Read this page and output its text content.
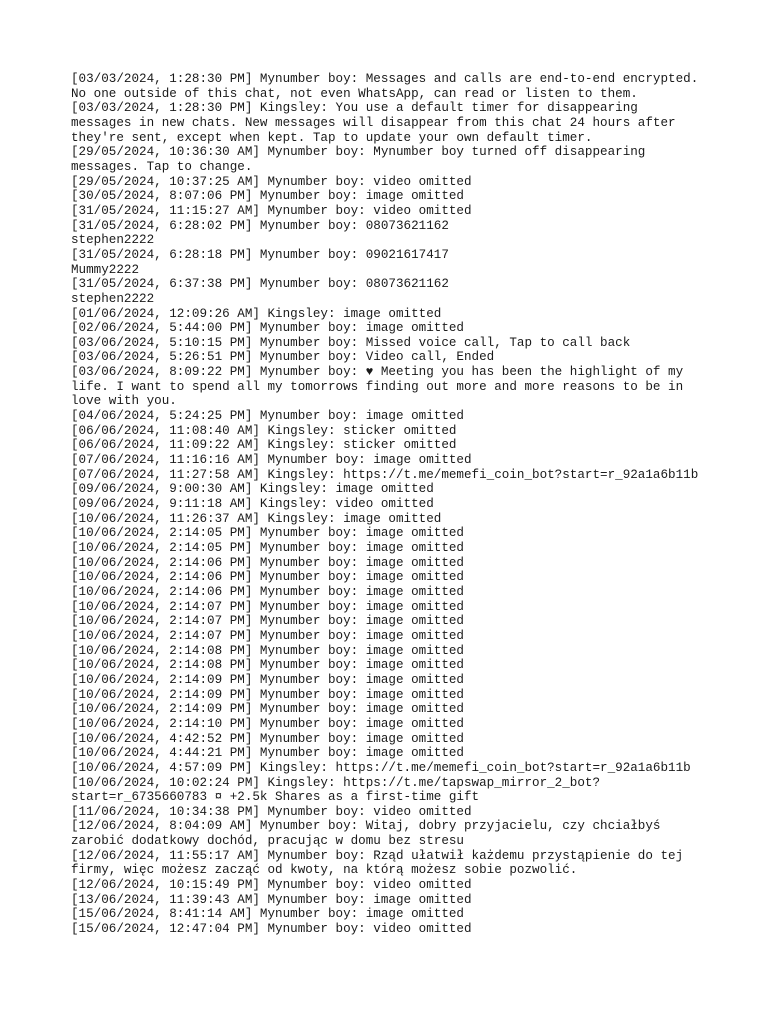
[03/03/2024, 1:28:30 PM] Mynumber boy: Messages and calls are end-to-end encrypted.
No one outside of this chat, not even WhatsApp, can read or listen to them.
[03/03/2024, 1:28:30 PM] Kingsley: You use a default timer for disappearing
messages in new chats. New messages will disappear from this chat 24 hours after
they're sent, except when kept. Tap to update your own default timer.
[29/05/2024, 10:36:30 AM] Mynumber boy: Mynumber boy turned off disappearing
messages. Tap to change.
[29/05/2024, 10:37:25 AM] Mynumber boy: video omitted
[30/05/2024, 8:07:06 PM] Mynumber boy: image omitted
[31/05/2024, 11:15:27 AM] Mynumber boy: video omitted
[31/05/2024, 6:28:02 PM] Mynumber boy: 08073621162
stephen2222
[31/05/2024, 6:28:18 PM] Mynumber boy: 09021617417
Mummy2222
[31/05/2024, 6:37:38 PM] Mynumber boy: 08073621162
stephen2222
[01/06/2024, 12:09:26 AM] Kingsley: image omitted
[02/06/2024, 5:44:00 PM] Mynumber boy: image omitted
[03/06/2024, 5:10:15 PM] Mynumber boy: Missed voice call, Tap to call back
[03/06/2024, 5:26:51 PM] Mynumber boy: Video call, Ended
[03/06/2024, 8:09:22 PM] Mynumber boy: ♥ Meeting you has been the highlight of my
life. I want to spend all my tomorrows finding out more and more reasons to be in
love with you.
[04/06/2024, 5:24:25 PM] Mynumber boy: image omitted
[06/06/2024, 11:08:40 AM] Kingsley: sticker omitted
[06/06/2024, 11:09:22 AM] Kingsley: sticker omitted
[07/06/2024, 11:16:16 AM] Mynumber boy: image omitted
[07/06/2024, 11:27:58 AM] Kingsley: https://t.me/memefi_coin_bot?start=r_92a1a6b11b
[09/06/2024, 9:00:30 AM] Kingsley: image omitted
[09/06/2024, 9:11:18 AM] Kingsley: video omitted
[10/06/2024, 11:26:37 AM] Kingsley: image omitted
[10/06/2024, 2:14:05 PM] Mynumber boy: image omitted
[10/06/2024, 2:14:05 PM] Mynumber boy: image omitted
[10/06/2024, 2:14:06 PM] Mynumber boy: image omitted
[10/06/2024, 2:14:06 PM] Mynumber boy: image omitted
[10/06/2024, 2:14:06 PM] Mynumber boy: image omitted
[10/06/2024, 2:14:07 PM] Mynumber boy: image omitted
[10/06/2024, 2:14:07 PM] Mynumber boy: image omitted
[10/06/2024, 2:14:07 PM] Mynumber boy: image omitted
[10/06/2024, 2:14:08 PM] Mynumber boy: image omitted
[10/06/2024, 2:14:08 PM] Mynumber boy: image omitted
[10/06/2024, 2:14:09 PM] Mynumber boy: image omitted
[10/06/2024, 2:14:09 PM] Mynumber boy: image omitted
[10/06/2024, 2:14:09 PM] Mynumber boy: image omitted
[10/06/2024, 2:14:10 PM] Mynumber boy: image omitted
[10/06/2024, 4:42:52 PM] Mynumber boy: image omitted
[10/06/2024, 4:44:21 PM] Mynumber boy: image omitted
[10/06/2024, 4:57:09 PM] Kingsley: https://t.me/memefi_coin_bot?start=r_92a1a6b11b
[10/06/2024, 10:02:24 PM] Kingsley: https://t.me/tapswap_mirror_2_bot?
start=r_6735660783 ¤ +2.5k Shares as a first-time gift
[11/06/2024, 10:34:38 PM] Mynumber boy: video omitted
[12/06/2024, 8:04:09 AM] Mynumber boy: Witaj, dobry przyjacielu, czy chciałbyś
zarobić dodatkowy dochód, pracując w domu bez stresu
[12/06/2024, 11:55:17 AM] Mynumber boy: Rząd ułatwił każdemu przystąpienie do tej
firmy, więc możesz zacząć od kwoty, na którą możesz sobie pozwolić.
[12/06/2024, 10:15:49 PM] Mynumber boy: video omitted
[13/06/2024, 11:39:43 AM] Mynumber boy: image omitted
[15/06/2024, 8:41:14 AM] Mynumber boy: image omitted
[15/06/2024, 12:47:04 PM] Mynumber boy: video omitted
